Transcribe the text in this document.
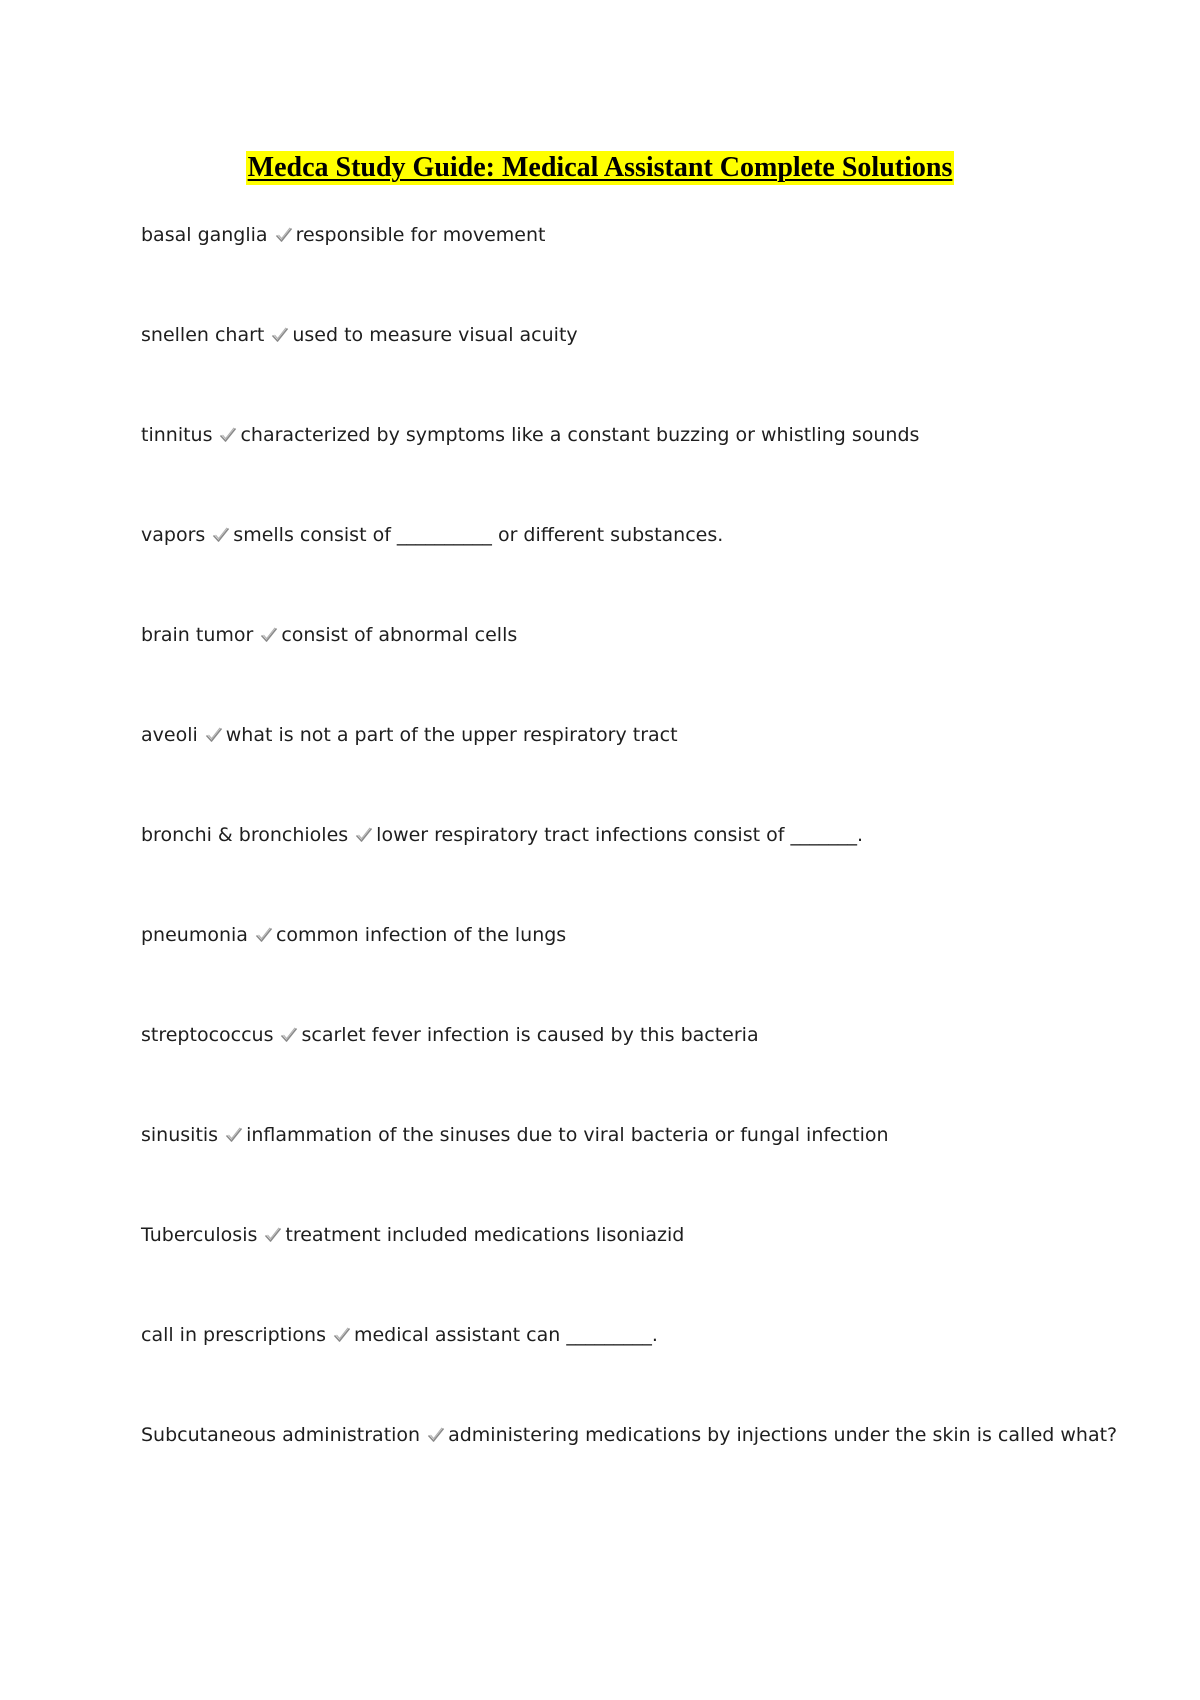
Medca Study Guide: Medical Assistant Complete Solutions
basal ganglia responsible for movement
snellen chart used to measure visual acuity
tinnitus characterized by symptoms like a constant buzzing or whistling sounds
vapors smells consist of __________ or different substances.
brain tumor consist of abnormal cells
aveoli what is not a part of the upper respiratory tract
bronchi & bronchioles lower respiratory tract infections consist of _______.
pneumonia common infection of the lungs
streptococcus scarlet fever infection is caused by this bacteria
sinusitis inflammation of the sinuses due to viral bacteria or fungal infection
Tuberculosis treatment included medications Iisoniazid
call in prescriptions medical assistant can _________.
Subcutaneous administration administering medications by injections under the skin is called what?
